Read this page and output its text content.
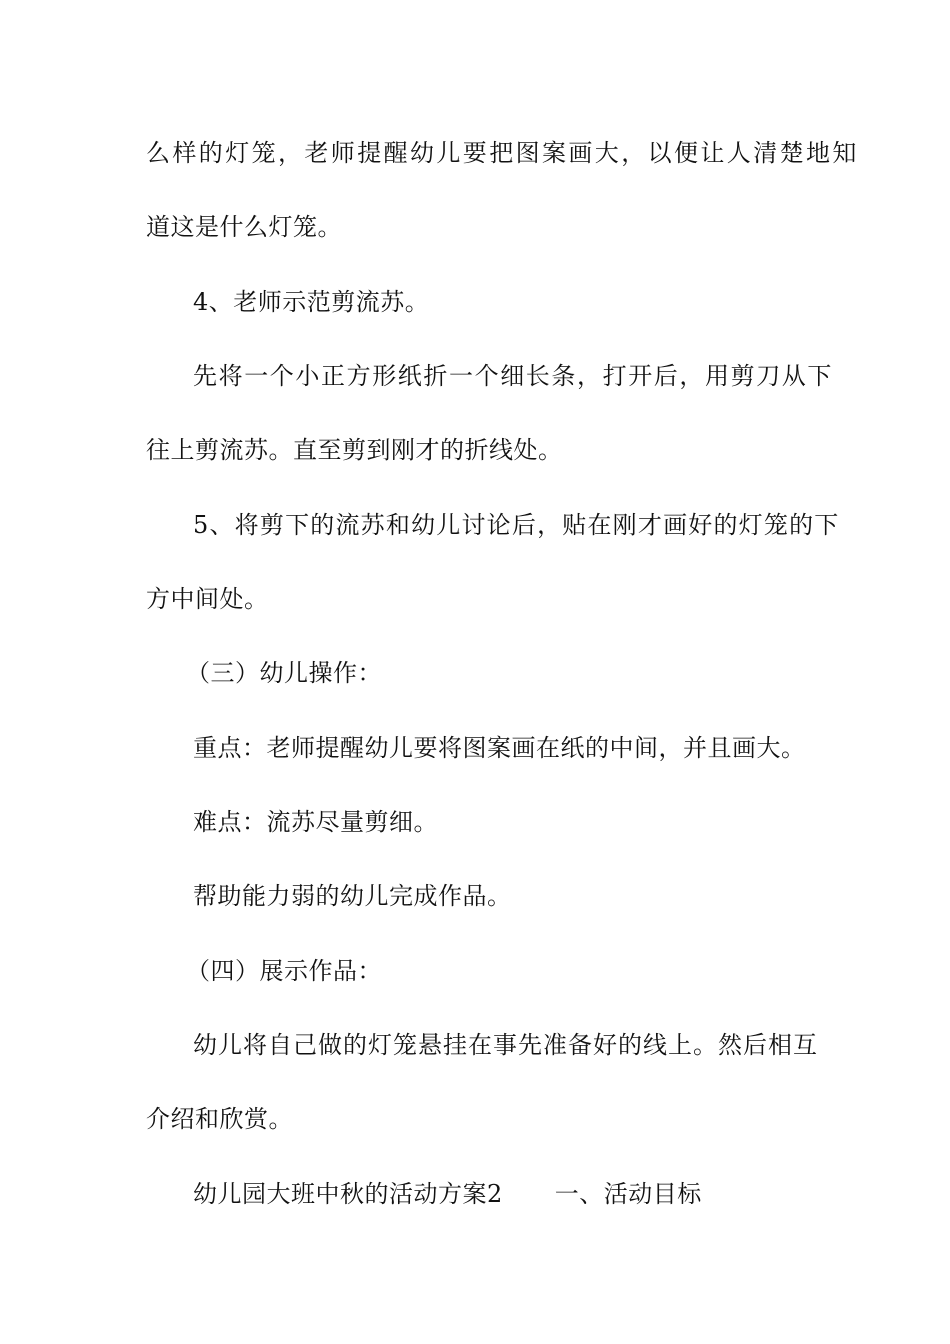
么样的灯笼，老师提醒幼儿要把图案画大，以便让人清楚地知
道这是什么灯笼。
4、老师示范剪流苏。
先将一个小正方形纸折一个细长条，打开后，用剪刀从下
往上剪流苏。直至剪到刚才的折线处。
5、将剪下的流苏和幼儿讨论后，贴在刚才画好的灯笼的下
方中间处。
（三）幼儿操作：
重点：老师提醒幼儿要将图案画在纸的中间，并且画大。
难点：流苏尽量剪细。
帮助能力弱的幼儿完成作品。
（四）展示作品：
幼儿将自己做的灯笼悬挂在事先准备好的线上。然后相互
介绍和欣赏。
幼儿园大班中秋的活动方案2 一、活动目标
